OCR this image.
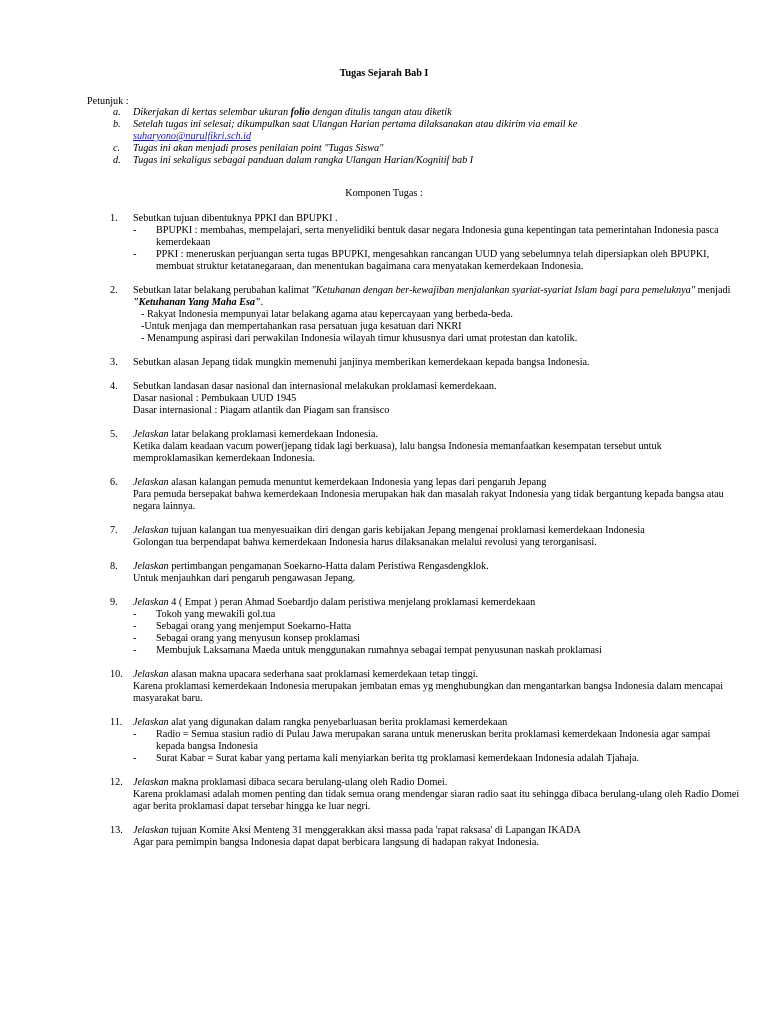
Tugas Sejarah Bab I
Petunjuk :
a.	Dikerjakan di kertas selembar ukuran folio dengan ditulis tangan atau diketik
b.	Setelah tugas ini selesai; dikumpulkan saat Ulangan Harian pertama dilaksanakan atau dikirim via email ke
suharyono@nurulfikri.sch.id
c.	Tugas ini akan menjadi proses penilaian point "Tugas Siswa"
d.	Tugas ini sekaligus sebagai panduan dalam rangka Ulangan Harian/Kognitif bab I
Komponen Tugas :
1.	Sebutkan tujuan dibentuknya PPKI dan BPUPKI .
- BPUPKI : membahas, mempelajari, serta menyelidiki bentuk dasar negara Indonesia guna kepentingan tata pemerintahan Indonesia pasca kemerdekaan
- PPKI : meneruskan perjuangan serta tugas BPUPKI, mengesahkan rancangan UUD yang sebelumnya telah dipersiapkan oleh BPUPKI, membuat struktur ketatanegaraan, dan menentukan bagaimana cara menyatakan kemerdekaan Indonesia.
2.	Sebutkan latar belakang perubahan kalimat "Ketuhanan dengan ber-kewajiban menjalankan syariat-syariat Islam bagi para pemeluknya" menjadi "Ketuhanan Yang Maha Esa".
- Rakyat Indonesia mempunyai latar belakang agama atau kepercayaan yang berbeda-beda.
-Untuk menjaga dan mempertahankan rasa persatuan juga kesatuan dari NKRI
- Menampung aspirasi dari perwakilan Indonesia wilayah timur khususnya dari umat protestan dan katolik.
3.	Sebutkan alasan Jepang tidak mungkin memenuhi janjinya memberikan kemerdekaan kepada bangsa Indonesia.
4.	Sebutkan landasan dasar nasional dan internasional melakukan proklamasi kemerdekaan.
Dasar nasional : Pembukaan UUD 1945
Dasar internasional : Piagam atlantik dan Piagam san fransisco
5.	Jelaskan latar belakang proklamasi kemerdekaan Indonesia.
Ketika dalam keadaan vacum power(jepang tidak lagi berkuasa), lalu bangsa Indonesia memanfaatkan kesempatan tersebut untuk memproklamasikan kemerdekaan Indonesia.
6.	Jelaskan alasan kalangan pemuda menuntut kemerdekaan Indonesia yang lepas dari pengaruh Jepang
Para pemuda bersepakat bahwa kemerdekaan Indonesia merupakan hak dan masalah rakyat Indonesia yang tidak bergantung kepada bangsa atau negara lainnya.
7.	Jelaskan tujuan kalangan tua menyesuaikan diri dengan garis kebijakan Jepang mengenai proklamasi kemerdekaan Indonesia
Golongan tua berpendapat bahwa kemerdekaan Indonesia harus dilaksanakan melalui revolusi yang terorganisasi.
8.	Jelaskan pertimbangan pengamanan Soekarno-Hatta dalam Peristiwa Rengasdengklok.
Untuk menjauhkan dari pengaruh pengawasan Jepang.
9.	Jelaskan 4 ( Empat ) peran Ahmad Soebardjo dalam peristiwa menjelang proklamasi kemerdekaan
- Tokoh yang mewakili gol.tua
- Sebagai orang yang menjemput Soekarno-Hatta
- Sebagai orang yang menyusun konsep proklamasi
- Membujuk Laksamana Maeda untuk menggunakan rumahnya sebagai tempat penyusunan naskah proklamasi
10.	Jelaskan alasan makna upacara sederhana saat proklamasi kemerdekaan tetap tinggi.
Karena proklamasi kemerdekaan Indonesia merupakan jembatan emas yg menghubungkan dan mengantarkan bangsa Indonesia dalam mencapai masyarakat baru.
11.	Jelaskan alat yang digunakan dalam rangka penyebarluasan berita proklamasi kemerdekaan
- Radio = Semua stasiun radio di Pulau Jawa merupakan sarana untuk meneruskan berita proklamasi kemerdekaan Indonesia agar sampai kepada bangsa Indonesia
- Surat Kabar = Surat kabar yang pertama kali menyiarkan berita ttg proklamasi kemerdekaan Indonesia adalah Tjahaja.
12.	Jelaskan makna proklamasi dibaca secara berulang-ulang oleh Radio Domei.
Karena proklamasi adalah momen penting dan tidak semua orang mendengar siaran radio saat itu sehingga dibaca berulang-ulang oleh Radio Domei agar berita proklamasi dapat tersebar hingga ke luar negri.
13.	Jelaskan tujuan Komite Aksi Menteng 31 menggerakkan aksi massa pada 'rapat raksasa' di Lapangan IKADA
Agar para pemimpin bangsa Indonesia dapat dapat berbicara langsung di hadapan rakyat Indonesia.
